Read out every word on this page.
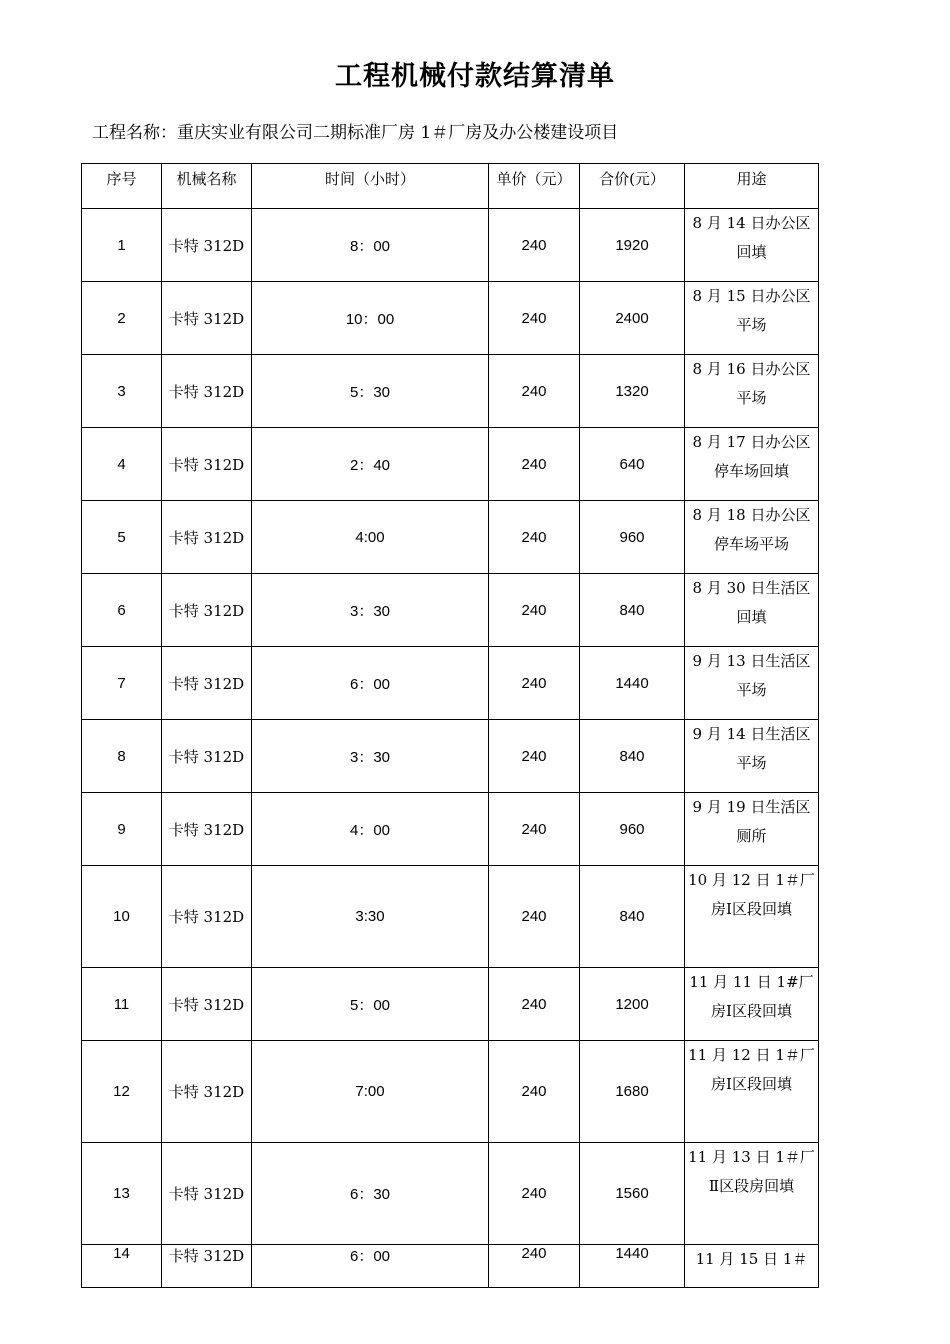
工程机械付款结算清单
工程名称：重庆实业有限公司二期标准厂房 1＃厂房及办公楼建设项目
序号	机械名称	时间（小时）	单价（元）	合价(元）	用途
1	卡特 312D	8：00	240	1920	8 月 14 日办公区回填
2	卡特 312D	10：00	240	2400	8 月 15 日办公区平场
3	卡特 312D	5：30	240	1320	8 月 16 日办公区平场
4	卡特 312D	2：40	240	640	8 月 17 日办公区停车场回填
5	卡特 312D	4:00	240	960	8 月 18 日办公区停车场平场
6	卡特 312D	3：30	240	840	8 月 30 日生活区回填
7	卡特 312D	6：00	240	1440	9 月 13 日生活区平场
8	卡特 312D	3：30	240	840	9 月 14 日生活区平场
9	卡特 312D	4：00	240	960	9 月 19 日生活区厕所
10	卡特 312D	3:30	240	840	10 月 12 日 1＃厂房Ⅰ区段回填
11	卡特 312D	5：00	240	1200	11 月 11 日 1#厂房Ⅰ区段回填
12	卡特 312D	7:00	240	1680	11 月 12 日 1＃厂房Ⅰ区段回填
13	卡特 312D	6：30	240	1560	11 月 13 日 1＃厂Ⅱ区段房回填
14	卡特 312D	6：00	240	1440	11 月 15 日 1＃
